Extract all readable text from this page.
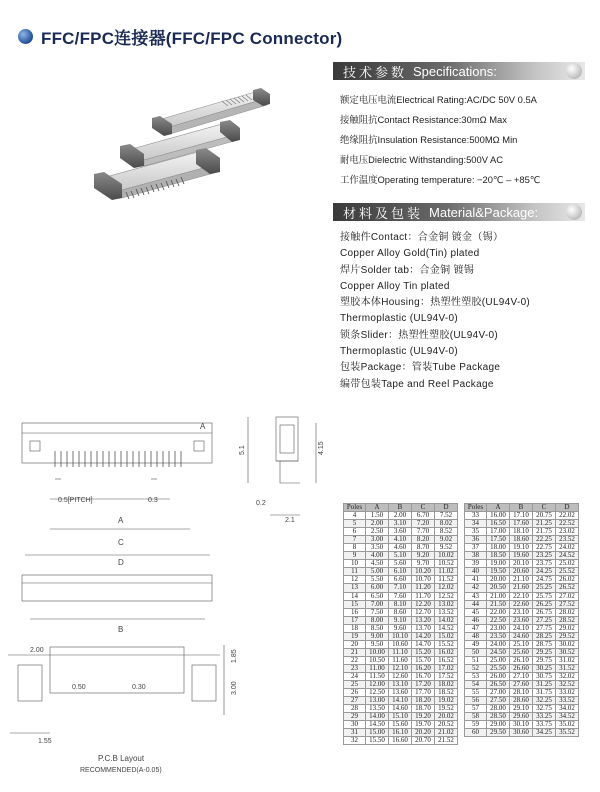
FFC/FPC连接器(FFC/FPC Connector)
技术参数 Specifications:
额定电压电流Electrical Rating:AC/DC 50V 0.5A
接触阻抗Contact Resistance:30mΩ Max
绝缘阻抗Insulation Resistance:500MΩ Min
耐电压Dielectric Withstanding:500V AC
工作温度Operating temperature: −20℃ – +85℃
材料及包装 Material&Package:
接触件Contact：合金铜 镀金（锡）
Copper Alloy Gold(Tin) plated
焊片Solder tab：合金铜 镀锡
Copper Alloy Tin plated
塑胶本体Housing：热塑性塑胶(UL94V-0)
Thermoplastic (UL94V-0)
锁条Slider：热塑性塑胶(UL94V-0)
Thermoplastic (UL94V-0)
包装Package：管装Tube Package
编带包装Tape and Reel Package
A
0.5[PITCH]	0.3
A
C
D
5.1	4.15
0.2
2.1
B
2.00
0.50	0.30
1.85
3.00
1.55
P.C.B Layout
RECOMMENDED(A-0.05)
Poles	A	B	C	D
4	1.50	2.00	6.70	7.52
5	2.00	3.10	7.20	8.02
6	2.50	3.60	7.70	8.52
7	3.00	4.10	8.20	9.02
8	3.50	4.60	8.70	9.52
9	4.00	5.10	9.20	10.02
10	4.50	5.60	9.70	10.52
11	5.00	6.10	10.20	11.02
12	5.50	6.60	10.70	11.52
13	6.00	7.10	11.20	12.02
14	6.50	7.60	11.70	12.52
15	7.00	8.10	12.20	13.02
16	7.50	8.60	12.70	13.52
17	8.00	9.10	13.20	14.02
18	8.50	9.60	13.70	14.52
19	9.00	10.10	14.20	15.02
20	9.50	10.60	14.70	15.52
21	10.00	11.10	15.20	16.02
22	10.50	11.60	15.70	16.52
23	11.00	12.10	16.20	17.02
24	11.50	12.60	16.70	17.52
25	12.00	13.10	17.20	18.02
26	12.50	13.60	17.70	18.52
27	13.00	14.10	18.20	19.02
28	13.50	14.60	18.70	19.52
29	14.00	15.10	19.20	20.02
30	14.50	15.60	19.70	20.52
31	15.00	16.10	20.20	21.02
32	15.50	16.60	20.70	21.52
Poles	A	B	C	D
33	16.00	17.10	20.75	22.02
34	16.50	17.60	21.25	22.52
35	17.00	18.10	21.75	23.02
36	17.50	18.60	22.25	23.52
37	18.00	19.10	22.75	24.02
38	18.50	19.60	23.25	24.52
39	19.00	20.10	23.75	25.02
40	19.50	20.60	24.25	25.52
41	20.00	21.10	24.75	26.02
42	20.50	21.60	25.25	26.52
43	21.00	22.10	25.75	27.02
44	21.50	22.60	26.25	27.52
45	22.00	23.10	26.75	28.02
46	22.50	23.60	27.25	28.52
47	23.00	24.10	27.75	29.02
48	23.50	24.60	28.25	29.52
49	24.00	25.10	28.75	30.02
50	24.50	25.60	29.25	30.52
51	25.00	26.10	29.75	31.02
52	25.50	26.60	30.25	31.52
53	26.00	27.10	30.75	32.02
54	26.50	27.60	31.25	32.52
55	27.00	28.10	31.75	33.02
56	27.50	28.60	32.25	33.52
57	28.00	29.10	32.75	34.02
58	28.50	29.60	33.25	34.52
59	29.00	30.10	33.75	35.02
60	29.50	30.60	34.25	35.52
